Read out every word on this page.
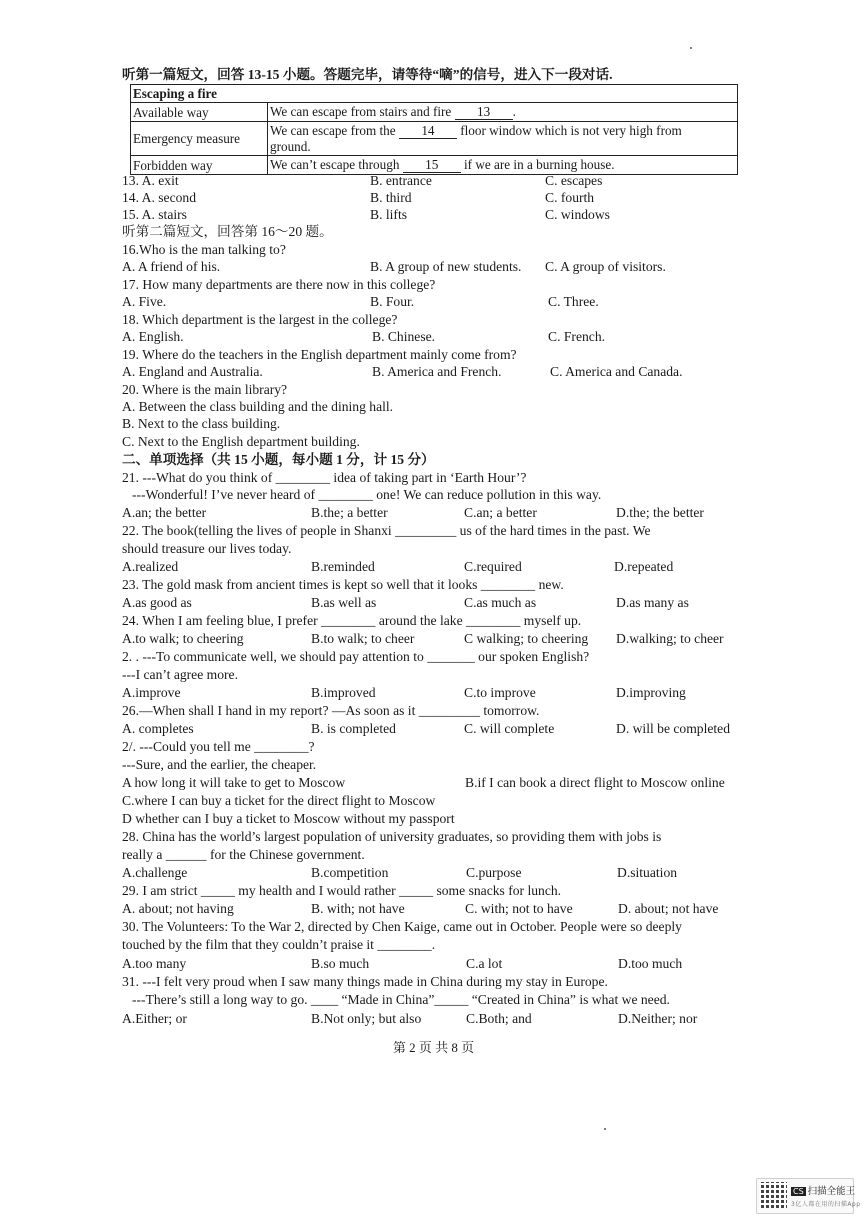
听第一篇短文，回答 13-15 小题。答题完毕，请等待“嘀”的信号，进入下一段对话.
Escaping a fire	
Available way	We can escape from stairs and fire 13 .
Emergency measure	We can escape from the 14 floor window which is not very high from
ground.
Forbidden way	We can’t escape through 15 if we are in a burning house.
13. A. exit	B. entrance	C. escapes
14. A. second	B. third	C. fourth
15. A. stairs	B. lifts	C. windows
听第二篇短文，回答第 16～20 题。
16.Who is the man talking to?
A. A friend of his.	B. A group of new students. C. A group of visitors.
17. How many departments are there now in this college?
A. Five.	B. Four.	C. Three.
18. Which department is the largest in the college?
A. English.	B. Chinese.	C. French.
19. Where do the teachers in the English department mainly come from?
A. England and Australia.	B. America and French.	C. America and Canada.
20. Where is the main library?
A. Between the class building and the dining hall.
B. Next to the class building.
C. Next to the English department building.
二、单项选择（共 15 小题，每小题 1 分，计 15 分）
21. ---What do you think of ________ idea of taking part in ‘Earth Hour’?
---Wonderful! I’ve never heard of ________ one! We can reduce pollution in this way.
A.an; the better	B.the; a better	C.an; a better	D.the; the better
22. The book(telling the lives of people in Shanxi _________ us of the hard times in the past. We
should treasure our lives today.
A.realized	B.reminded	C.required	D.repeated
23. The gold mask from ancient times is kept so well that it looks ________ new.
A.as good as	B.as well as	C.as much as	D.as many as
24. When I am feeling blue, I prefer ________ around the lake ________ myself up.
A.to walk; to cheering	B.to walk; to cheer	C walking; to cheering D.walking; to cheer
2. . ---To communicate well, we should pay attention to _______ our spoken English?
---I can’t agree more.
A.improve	B.improved	C.to improve	D.improving
26.—When shall I hand in my report? —As soon as it _________ tomorrow.
A. completes	B. is completed	C. will complete	D. will be completed
2/. ---Could you tell me ________?
---Sure, and the earlier, the cheaper.
A how long it will take to get to Moscow	B.if I can book a direct flight to Moscow online
C.where I can buy a ticket for the direct flight to Moscow
D whether can I buy a ticket to Moscow without my passport
28. China has the world’s largest population of university graduates, so providing them with jobs is
really a ______ for the Chinese government.
A.challenge	B.competition	C.purpose	D.situation
29. I am strict _____ my health and I would rather _____ some snacks for lunch.
A. about; not having	B. with; not have	C. with; not to have	D. about; not have
30. The Volunteers: To the War 2, directed by Chen Kaige, came out in October. People were so deeply
touched by the film that they couldn’t praise it ________.
A.too many	B.so much	C.a lot	D.too much
31. ---I felt very proud when I saw many things made in China during my stay in Europe.
---There’s still a long way to go. ____ “Made in China”_____ “Created in China” is what we need.
A.Either; or	B.Not only; but also	C.Both; and	D.Neither; nor
第 2 页 共 8 页
CS 扫描全能王
3亿人都在用的扫描App
